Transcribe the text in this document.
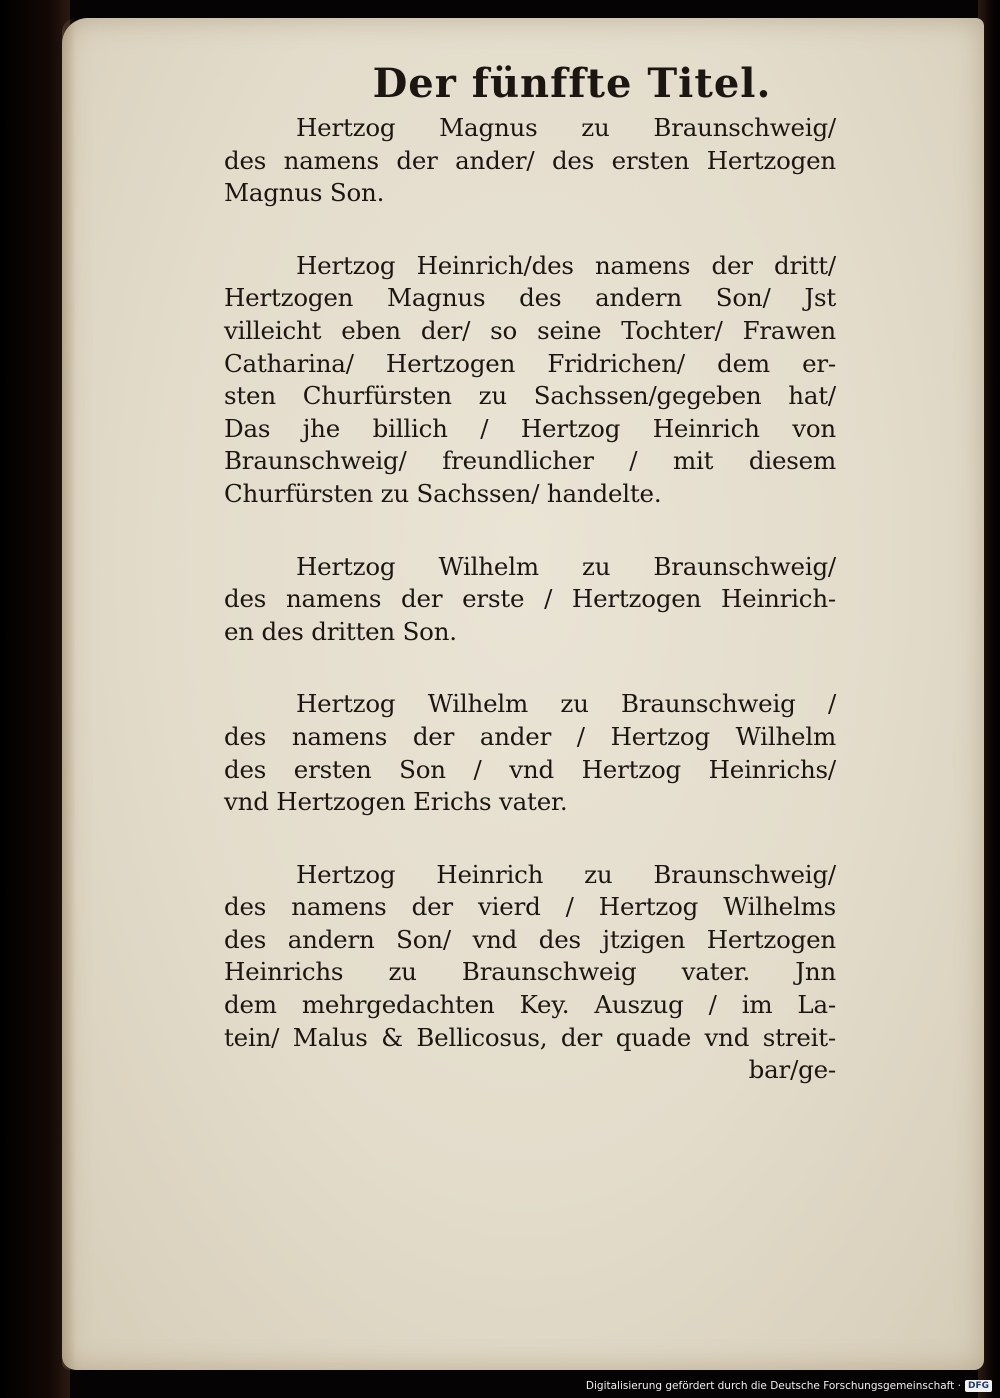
Der fünffte Titel.
Hertzog Magnus zu Braunschweig/
des namens der ander/ des ersten Hertzogen
Magnus Son.
Hertzog Heinrich/des namens der dritt/
Hertzogen Magnus des andern Son/ Jst
villeicht eben der/ so seine Tochter/ Frawen
Catharina/ Hertzogen Fridrichen/ dem er-
sten Churfürsten zu Sachssen/gegeben hat/
Das jhe billich / Hertzog Heinrich von
Braunschweig/ freundlicher / mit diesem
Churfürsten zu Sachssen/ handelte.
Hertzog Wilhelm zu Braunschweig/
des namens der erste / Hertzogen Heinrich-
en des dritten Son.
Hertzog Wilhelm zu Braunschweig /
des namens der ander / Hertzog Wilhelm
des ersten Son / vnd Hertzog Heinrichs/
vnd Hertzogen Erichs vater.
Hertzog Heinrich zu Braunschweig/
des namens der vierd / Hertzog Wilhelms
des andern Son/ vnd des jtzigen Hertzogen
Heinrichs zu Braunschweig vater. Jnn
dem mehrgedachten Key. Auszug / im La-
tein/ Malus & Bellicosus, der quade vnd streit-
bar/ge-
Digitalisierung gefördert durch die Deutsche Forschungsgemeinschaft · DFG
